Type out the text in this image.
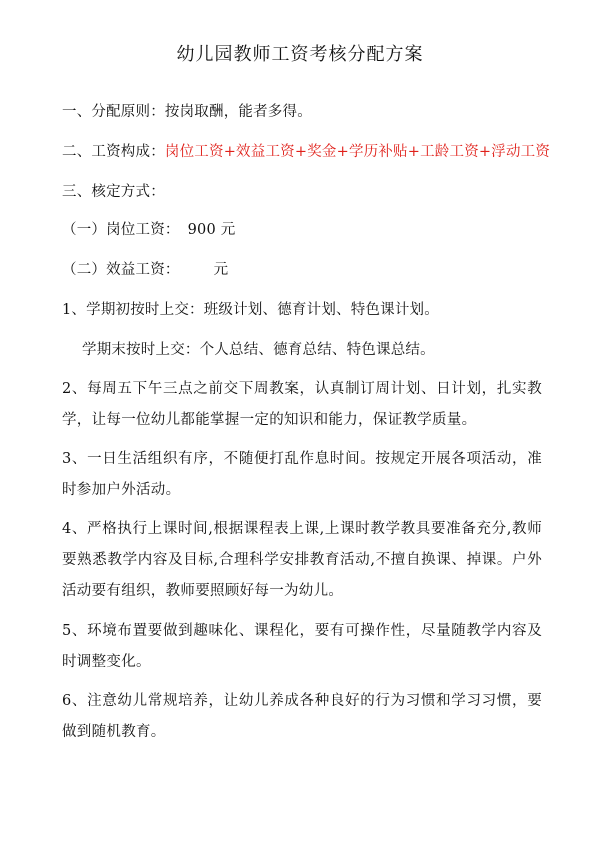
幼儿园教师工资考核分配方案
一、分配原则：按岗取酬，能者多得。
二、工资构成：岗位工资+效益工资+奖金+学历补贴+工龄工资+浮动工资
三、核定方式：
（一）岗位工资： 900 元
（二）效益工资： 元
1、学期初按时上交：班级计划、德育计划、特色课计划。
学期末按时上交：个人总结、德育总结、特色课总结。
2、每周五下午三点之前交下周教案，认真制订周计划、日计划，扎实教学，让每一位幼儿都能掌握一定的知识和能力，保证教学质量。
3、一日生活组织有序，不随便打乱作息时间。按规定开展各项活动，准时参加户外活动。
4、严格执行上课时间,根据课程表上课,上课时教学教具要准备充分,教师要熟悉教学内容及目标,合理科学安排教育活动,不擅自换课、掉课。户外活动要有组织，教师要照顾好每一为幼儿。
5、环境布置要做到趣味化、课程化，要有可操作性，尽量随教学内容及时调整变化。
6、注意幼儿常规培养，让幼儿养成各种良好的行为习惯和学习习惯，要做到随机教育。
